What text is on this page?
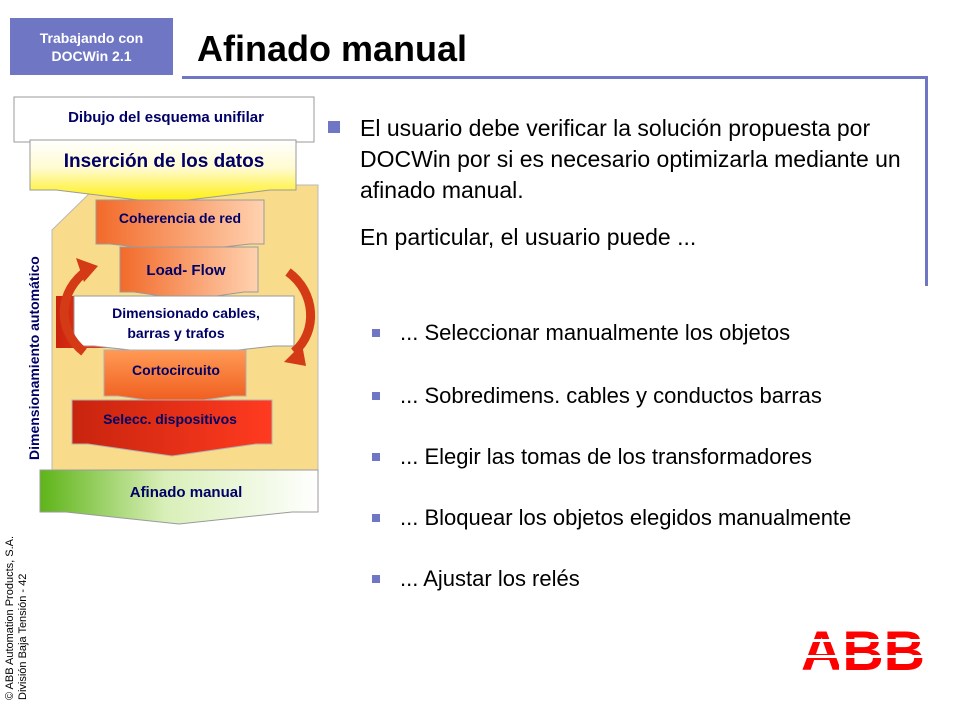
Trabajando con
DOCWin 2.1	Afinado manual
Dibujo del esquema unifilar
Inserción de los datos
Dimensionamiento automático
Coherencia de red
Load- Flow
Dimensionado cables,
barras y trafos
Cortocircuito
Selecc. dispositivos
Afinado manual
El usuario debe verificar la solución propuesta por DOCWin por si es necesario optimizarla mediante un afinado manual.
En particular, el usuario puede ...
... Seleccionar manualmente los objetos
... Sobredimens. cables y conductos barras
... Elegir las tomas de los transformadores
... Bloquear los objetos elegidos manualmente
... Ajustar los relés
© ABB Automation Products, S.A. División Baja Tensión - 42
